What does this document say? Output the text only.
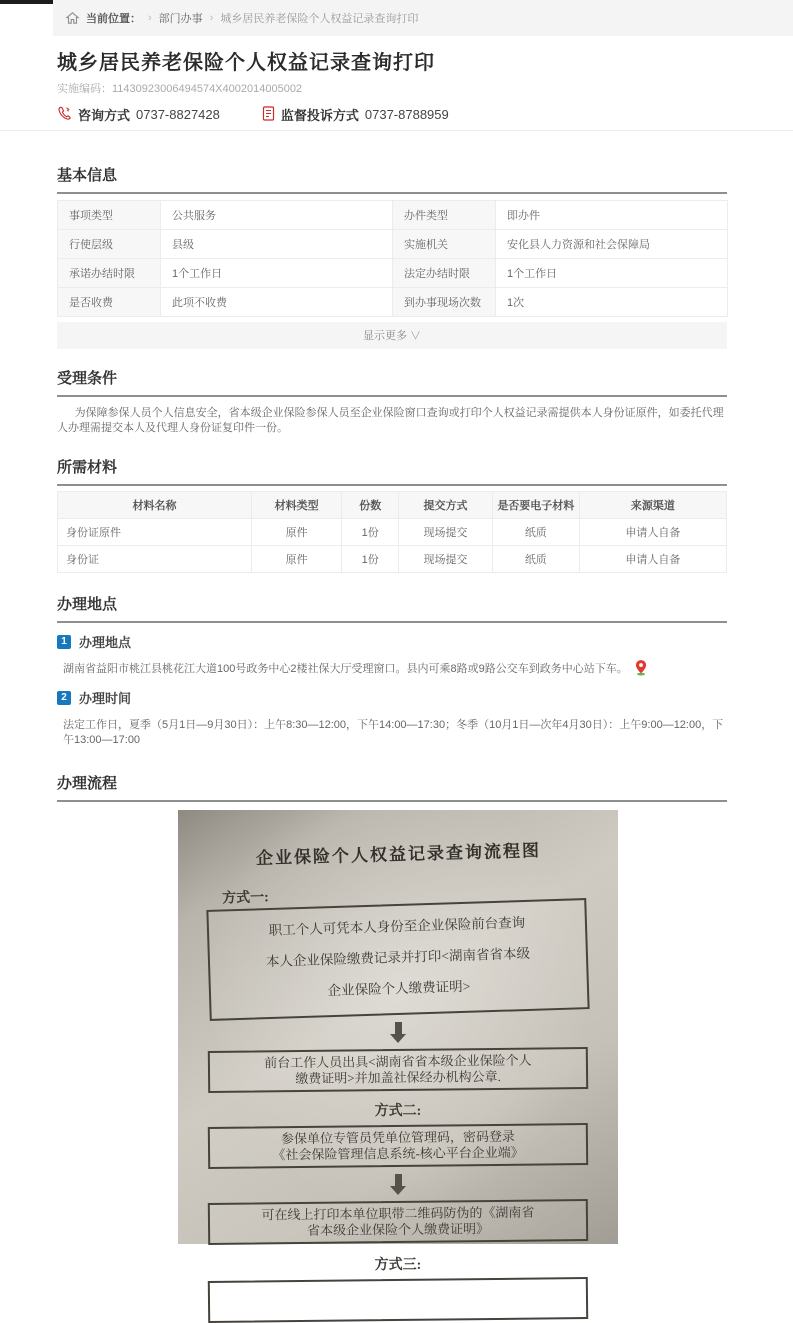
当前位置： › 部门办事 › 城乡居民养老保险个人权益记录查询打印
城乡居民养老保险个人权益记录查询打印
实施编码：11430923006494574X4002014005002
咨询方式 0737-8827428	监督投诉方式 0737-8788959
基本信息
事项类型	公共服务	办件类型	即办件
行使层级	县级	实施机关	安化县人力资源和社会保障局
承诺办结时限	1个工作日	法定办结时限	1个工作日
是否收费	此项不收费	到办事现场次数	1次
显示更多 ∨
受理条件
为保障参保人员个人信息安全，省本级企业保险参保人员至企业保险窗口查询或打印个人权益记录需提供本人身份证原件，如委托代理人办理需提交本人及代理人身份证复印件一份。
所需材料
材料名称	材料类型	份数	提交方式	是否要电子材料	来源渠道
身份证原件	原件	1份	现场提交	纸质	申请人自备
身份证	原件	1份	现场提交	纸质	申请人自备
办理地点
1 办理地点
湖南省益阳市桃江县桃花江大道100号政务中心2楼社保大厅受理窗口。县内可乘8路或9路公交车到政务中心站下车。
2 办理时间
法定工作日，夏季（5月1日—9月30日）：上午8:30—12:00，下午14:00—17:30；冬季（10月1日—次年4月30日）：上午9:00—12:00，下午13:00—17:00
办理流程
企业保险个人权益记录查询流程图
方式一:
职工个人可凭本人身份至企业保险前台查询
本人企业保险缴费记录并打印<湖南省省本级
企业保险个人缴费证明>
前台工作人员出具<湖南省省本级企业保险个人
缴费证明>并加盖社保经办机构公章.
方式二:
参保单位专管员凭单位管理码，密码登录
《社会保险管理信息系统-核心平台企业端》
可在线上打印本单位职带二维码防伪的《湖南省
省本级企业保险个人缴费证明》
方式三:
